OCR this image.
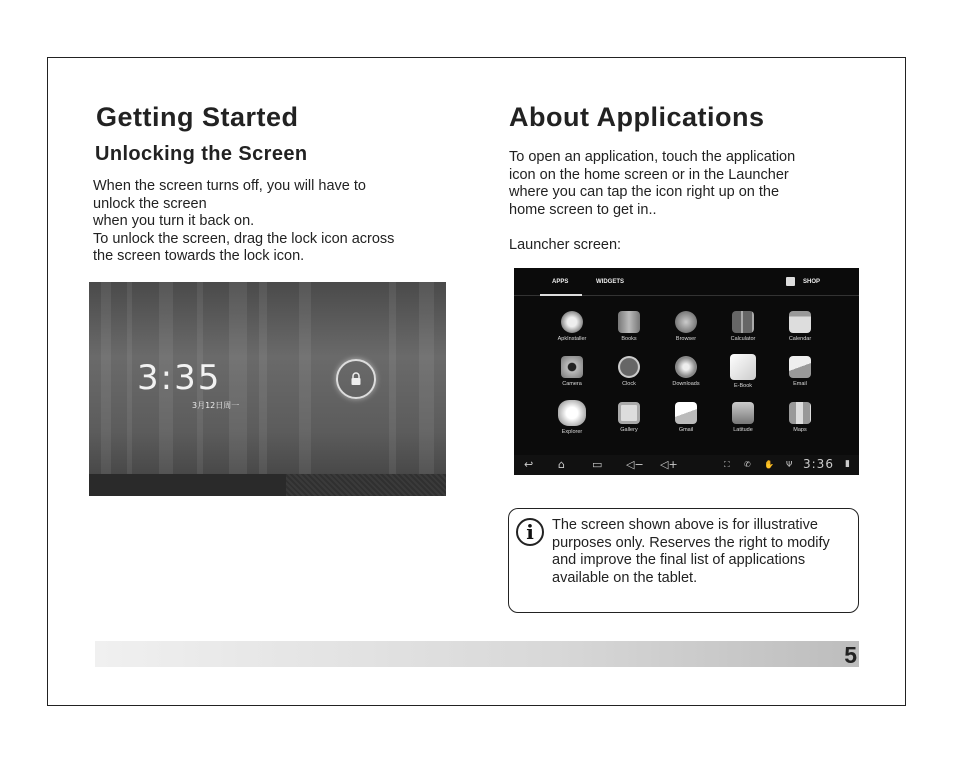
Getting Started
Unlocking the Screen
When the screen turns off, you will have to
unlock the screen
when you turn it back on.
To unlock the screen, drag the lock icon across
the screen towards the lock icon.
3:35
3月12日周一
About Applications
To open an application, touch the application
icon on the home screen or in the Launcher
where you can tap the icon right up on the
home screen to get in..
Launcher screen:
APPS	WIDGETS	SHOP
ApkInstaller	Books	Browser	Calculator	Calendar
Camera	Clock	Downloads	E-Book	Email
Explorer	Gallery	Gmail	Latitude	Maps
↩ ⌂ ▭ ◁− ◁+	⛶ ✆ ✋ Ψ 3:36 ▮
i	The screen shown above is for illustrative
purposes only. Reserves the right to modify
and improve the final list of applications
available on the tablet.
5
